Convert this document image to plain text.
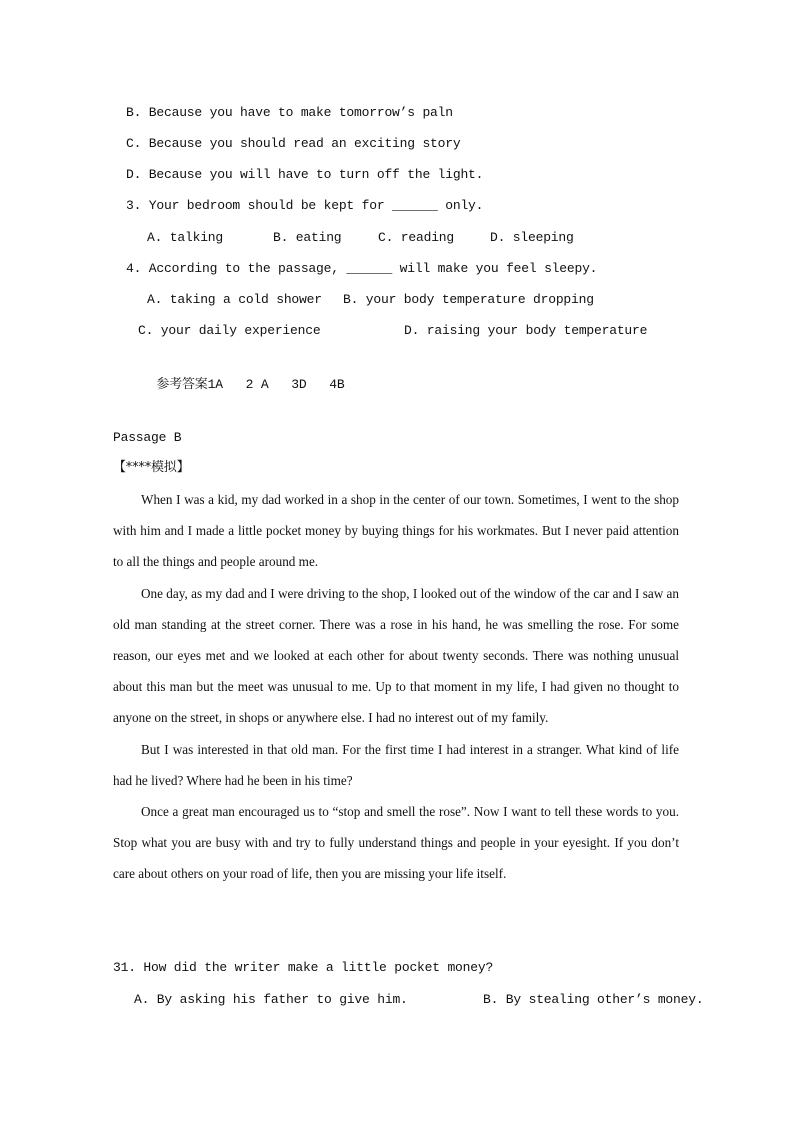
B. Because you have to make tomorrow’s paln
C. Because you should read an exciting story
D. Because you will have to turn off the light.
3. Your bedroom should be kept for ______ only.
A. talking	B. eating	C. reading	D. sleeping
4. According to the passage, ______ will make you feel sleepy.
A. taking a cold shower B. your body temperature dropping
C. your daily experience	D. raising your body temperature

参考答案1A   2 A   3D   4B

Passage B
【****模拟】

When I was a kid, my dad worked in a shop in the center of our town. Sometimes, I went to the shop with him and I made a little pocket money by buying things for his workmates. But I never paid attention to all the things and people around me.

One day, as my dad and I were driving to the shop, I looked out of the window of the car and I saw an old man standing at the street corner. There was a rose in his hand, he was smelling the rose. For some reason, our eyes met and we looked at each other for about twenty seconds. There was nothing unusual about this man but the meet was unusual to me. Up to that moment in my life, I had given no thought to anyone on the street, in shops or anywhere else. I had no interest out of my family.

But I was interested in that old man. For the first time I had interest in a stranger. What kind of life had he lived? Where had he been in his time?

Once a great man encouraged us to “stop and smell the rose”. Now I want to tell these words to you. Stop what you are busy with and try to fully understand things and people in your eyesight. If you don’t care about others on your road of life, then you are missing your life itself.

31. How did the writer make a little pocket money?
A. By asking his father to give him.	B. By stealing other’s money.
